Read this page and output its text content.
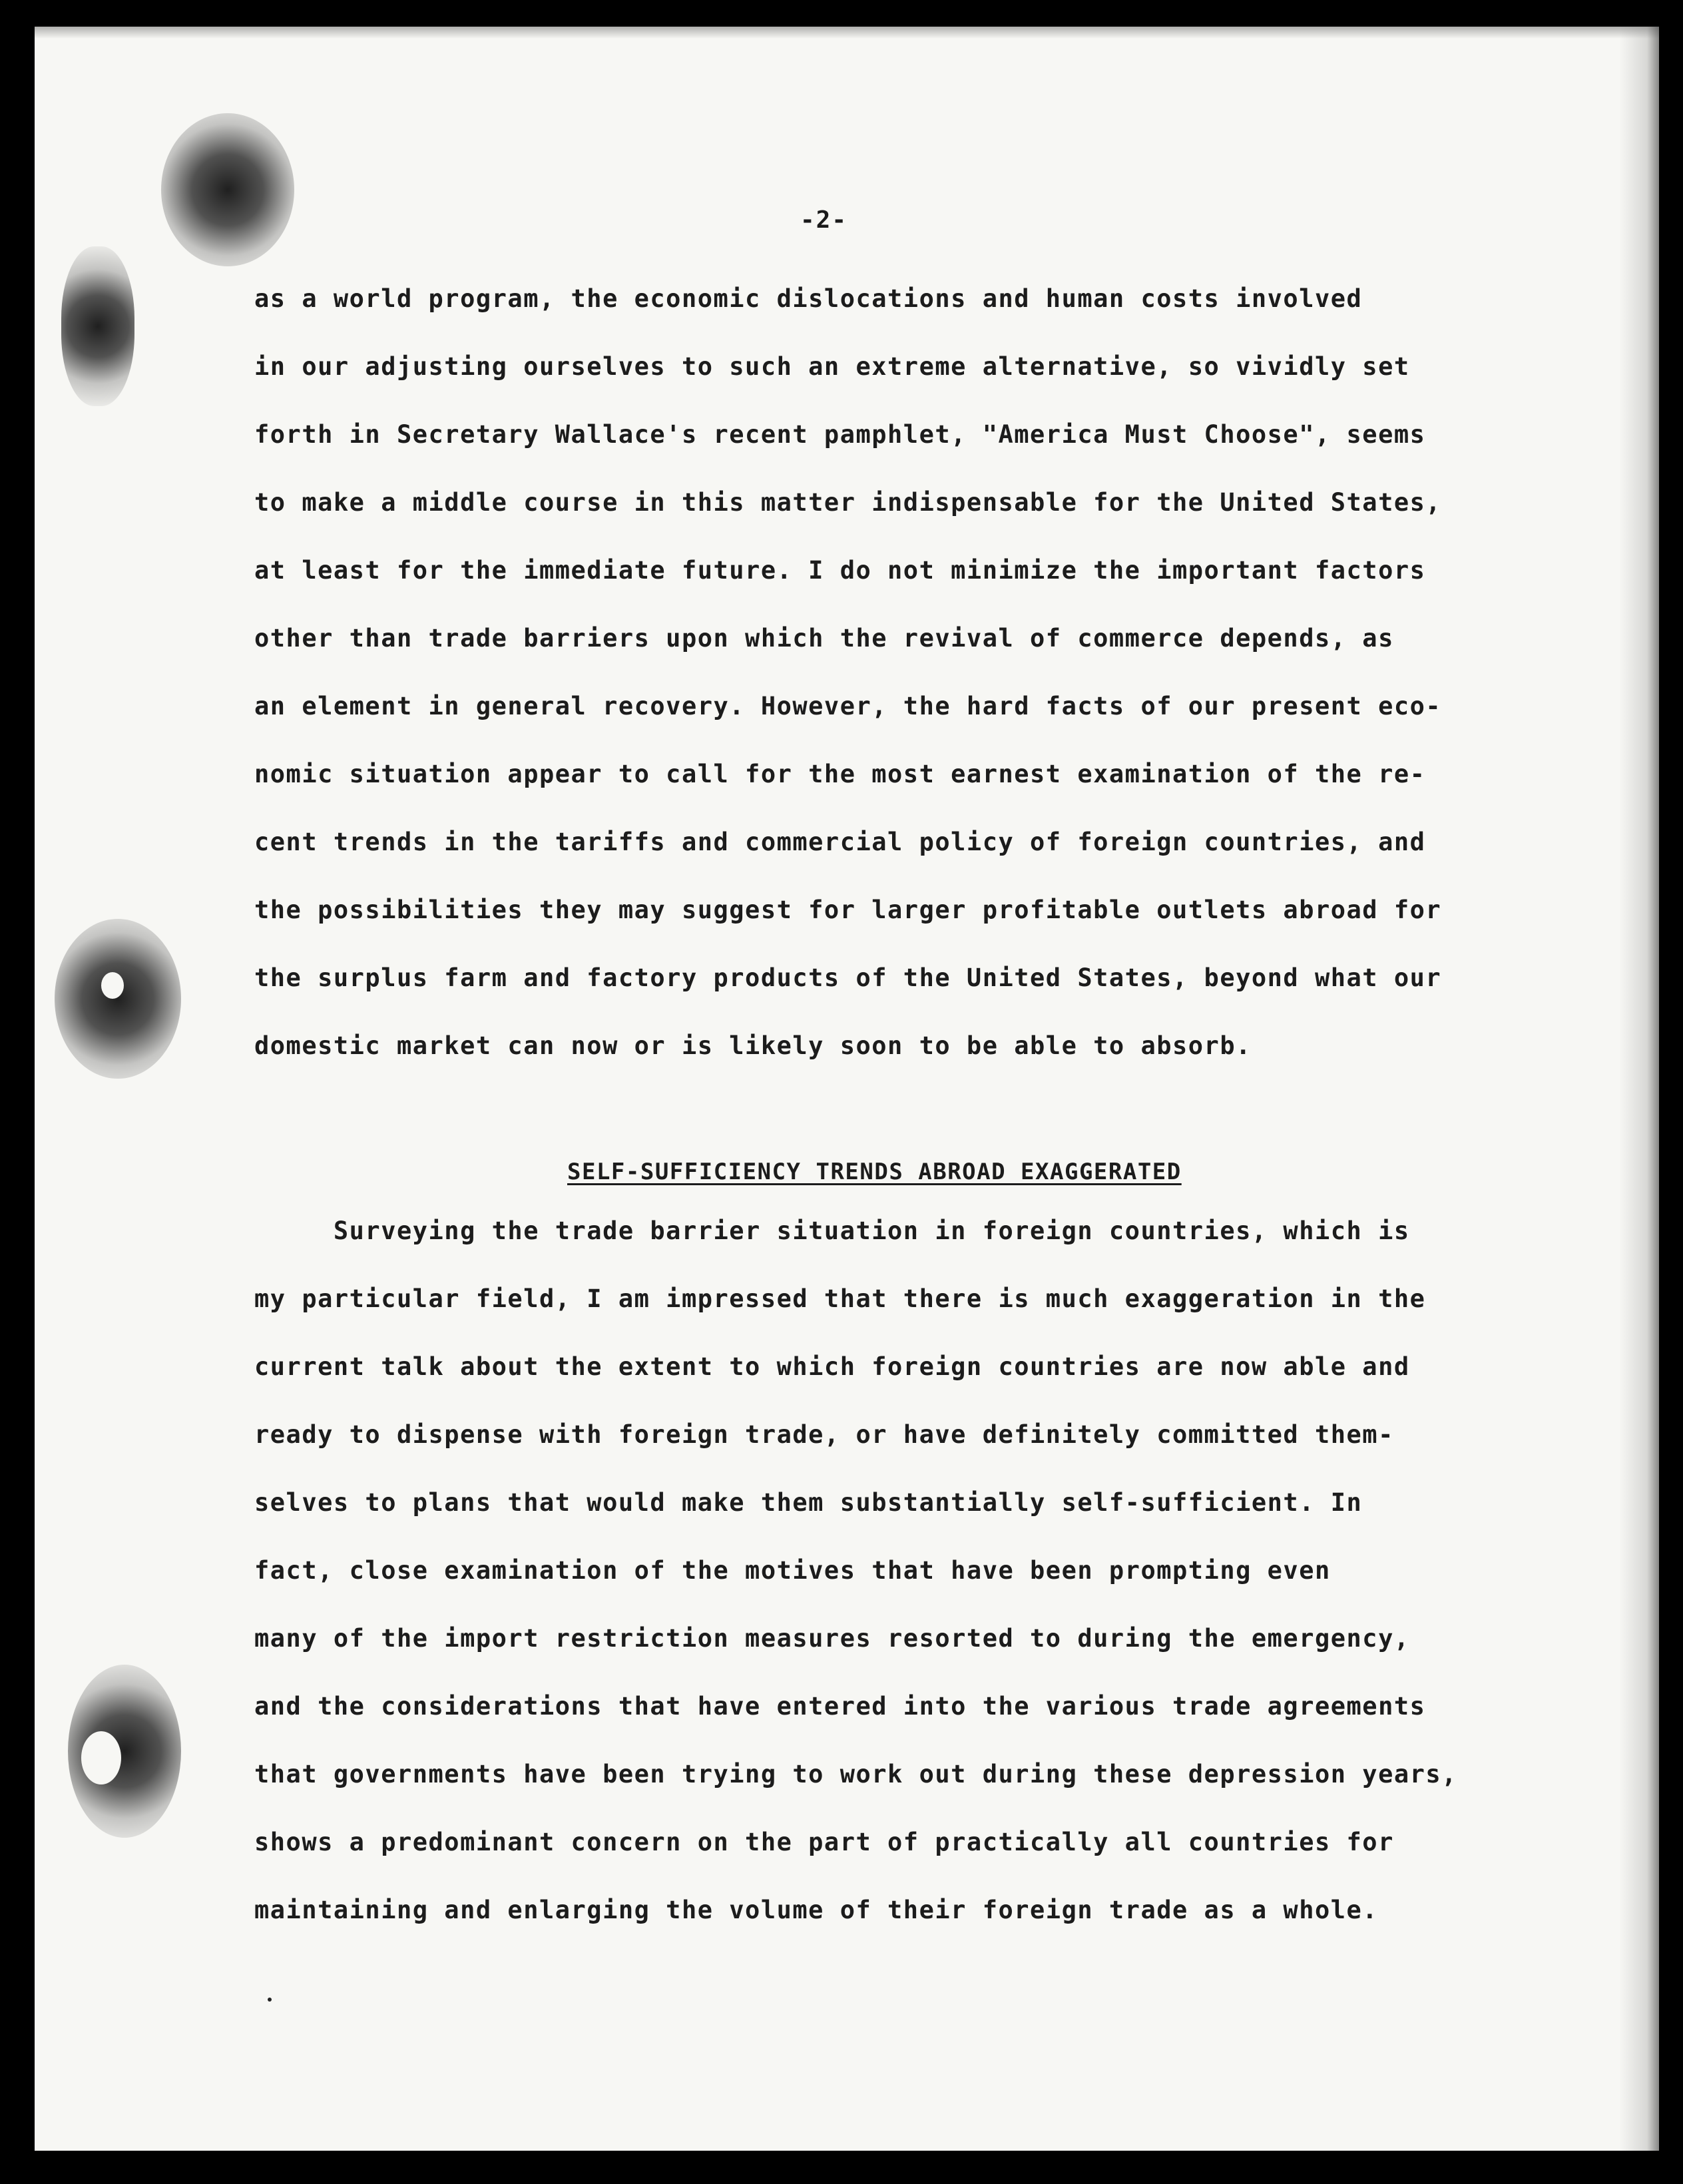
-2-
as a world program, the economic dislocations and human costs involved
in our adjusting ourselves to such an extreme alternative, so vividly set
forth in Secretary Wallace's recent pamphlet, "America Must Choose", seems
to make a middle course in this matter indispensable for the United States,
at least for the immediate future. I do not minimize the important factors
other than trade barriers upon which the revival of commerce depends, as
an element in general recovery. However, the hard facts of our present eco-
nomic situation appear to call for the most earnest examination of the re-
cent trends in the tariffs and commercial policy of foreign countries, and
the possibilities they may suggest for larger profitable outlets abroad for
the surplus farm and factory products of the United States, beyond what our
domestic market can now or is likely soon to be able to absorb.
SELF-SUFFICIENCY TRENDS ABROAD EXAGGERATED
Surveying the trade barrier situation in foreign countries, which is
my particular field, I am impressed that there is much exaggeration in the
current talk about the extent to which foreign countries are now able and
ready to dispense with foreign trade, or have definitely committed them-
selves to plans that would make them substantially self-sufficient. In
fact, close examination of the motives that have been prompting even
many of the import restriction measures resorted to during the emergency,
and the considerations that have entered into the various trade agreements
that governments have been trying to work out during these depression years,
shows a predominant concern on the part of practically all countries for
maintaining and enlarging the volume of their foreign trade as a whole.
